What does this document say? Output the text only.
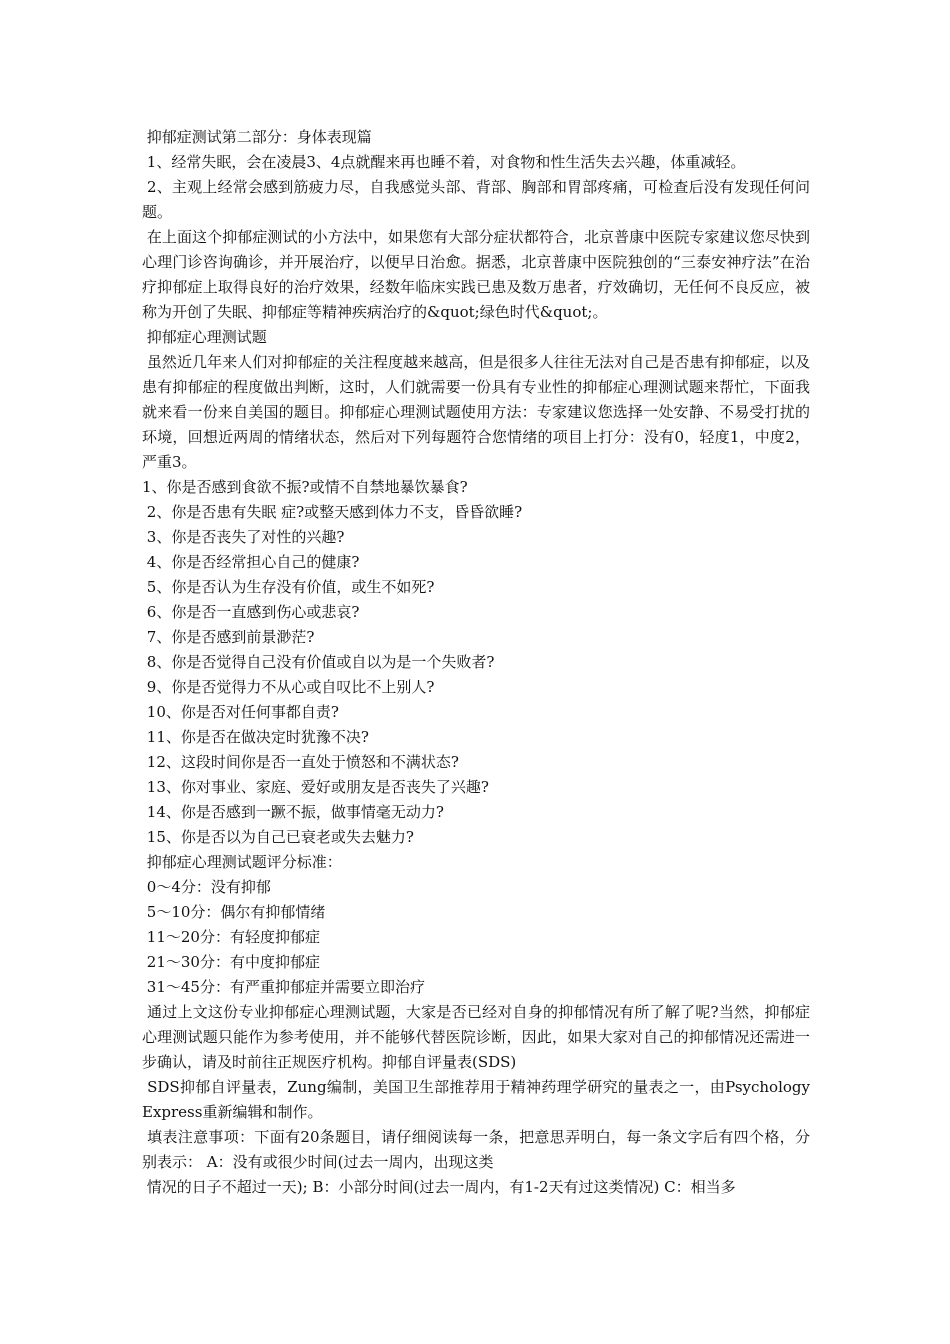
抑郁症测试第二部分：身体表现篇

1、经常失眠，会在凌晨3、4点就醒来再也睡不着，对食物和性生活失去兴趣，体重减轻。

2、主观上经常会感到筋疲力尽，自我感觉头部、背部、胸部和胃部疼痛，可检查后没有发现任何问题。

在上面这个抑郁症测试的小方法中，如果您有大部分症状都符合，北京普康中医院专家建议您尽快到心理门诊咨询确诊，并开展治疗，以便早日治愈。据悉，北京普康中医院独创的“三泰安神疗法”在治疗抑郁症上取得良好的治疗效果，经数年临床实践已患及数万患者，疗效确切，无任何不良反应，被称为开创了失眠、抑郁症等精神疾病治疗的&quot;绿色时代&quot;。

抑郁症心理测试题

虽然近几年来人们对抑郁症的关注程度越来越高，但是很多人往往无法对自己是否患有抑郁症，以及患有抑郁症的程度做出判断，这时，人们就需要一份具有专业性的抑郁症心理测试题来帮忙，下面我就来看一份来自美国的题目。抑郁症心理测试题使用方法：专家建议您选择一处安静、不易受打扰的环境，回想近两周的情绪状态，然后对下列每题符合您情绪的项目上打分：没有0，轻度1，中度2，严重3。

1、你是否感到食欲不振?或情不自禁地暴饮暴食?

2、你是否患有失眠 症?或整天感到体力不支，昏昏欲睡?

3、你是否丧失了对性的兴趣?

4、你是否经常担心自己的健康?

5、你是否认为生存没有价值，或生不如死?

6、你是否一直感到伤心或悲哀?

7、你是否感到前景渺茫?

8、你是否觉得自己没有价值或自以为是一个失败者?

9、你是否觉得力不从心或自叹比不上别人?

10、你是否对任何事都自责?

11、你是否在做决定时犹豫不决?

12、这段时间你是否一直处于愤怒和不满状态?

13、你对事业、家庭、爱好或朋友是否丧失了兴趣?

14、你是否感到一蹶不振，做事情毫无动力?

15、你是否以为自己已衰老或失去魅力?

抑郁症心理测试题评分标准：

0～4分：没有抑郁

5～10分：偶尔有抑郁情绪

11～20分：有轻度抑郁症

21～30分：有中度抑郁症

31～45分：有严重抑郁症并需要立即治疗

通过上文这份专业抑郁症心理测试题，大家是否已经对自身的抑郁情况有所了解了呢?当然，抑郁症心理测试题只能作为参考使用，并不能够代替医院诊断，因此，如果大家对自己的抑郁情况还需进一步确认，请及时前往正规医疗机构。抑郁自评量表(SDS)

SDS抑郁自评量表，Zung编制，美国卫生部推荐用于精神药理学研究的量表之一，由Psychology Express重新编辑和制作。

填表注意事项：下面有20条题目，请仔细阅读每一条，把意思弄明白，每一条文字后有四个格，分别表示： A：没有或很少时间(过去一周内，出现这类

情况的日子不超过一天); B：小部分时间(过去一周内，有1-2天有过这类情况) C：相当多
